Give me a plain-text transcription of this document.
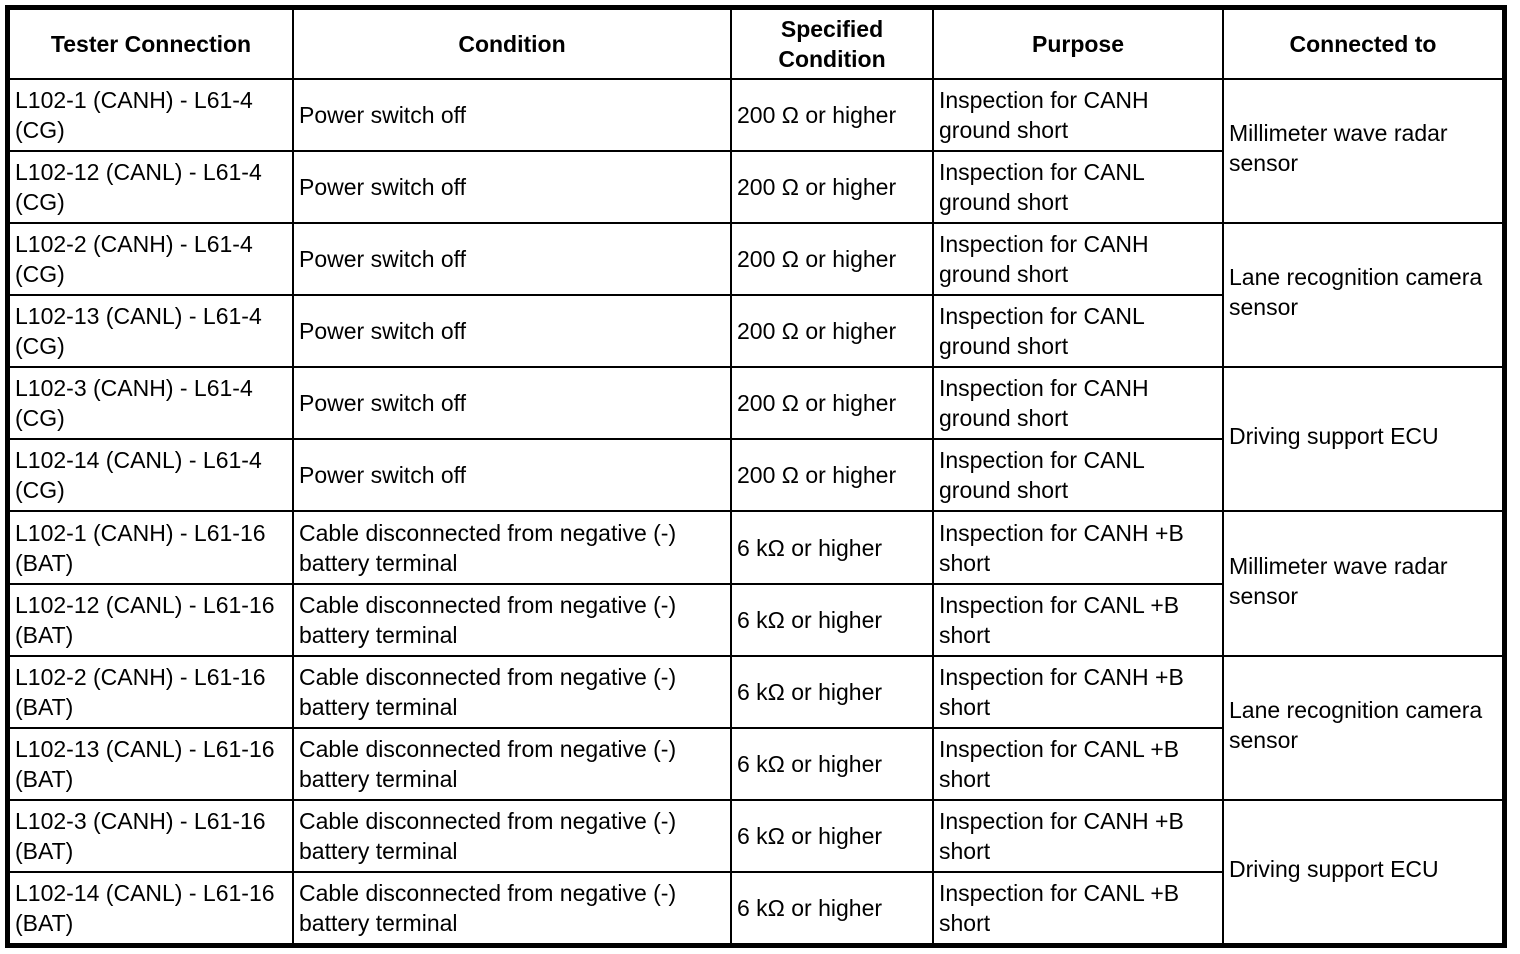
Tester Connection	Condition	Specified Condition	Purpose	Connected to
L102-1 (CANH) - L61-4 (CG)	Power switch off	200 Ω or higher	Inspection for CANH ground short	Millimeter wave radar sensor
L102-12 (CANL) - L61-4 (CG)	Power switch off	200 Ω or higher	Inspection for CANL ground short	
L102-2 (CANH) - L61-4 (CG)	Power switch off	200 Ω or higher	Inspection for CANH ground short	Lane recognition camera sensor
L102-13 (CANL) - L61-4 (CG)	Power switch off	200 Ω or higher	Inspection for CANL ground short	
L102-3 (CANH) - L61-4 (CG)	Power switch off	200 Ω or higher	Inspection for CANH ground short	Driving support ECU
L102-14 (CANL) - L61-4 (CG)	Power switch off	200 Ω or higher	Inspection for CANL ground short	
L102-1 (CANH) - L61-16 (BAT)	Cable disconnected from negative (-) battery terminal	6 kΩ or higher	Inspection for CANH +B short	Millimeter wave radar sensor
L102-12 (CANL) - L61-16 (BAT)	Cable disconnected from negative (-) battery terminal	6 kΩ or higher	Inspection for CANL +B short	
L102-2 (CANH) - L61-16 (BAT)	Cable disconnected from negative (-) battery terminal	6 kΩ or higher	Inspection for CANH +B short	Lane recognition camera sensor
L102-13 (CANL) - L61-16 (BAT)	Cable disconnected from negative (-) battery terminal	6 kΩ or higher	Inspection for CANL +B short	
L102-3 (CANH) - L61-16 (BAT)	Cable disconnected from negative (-) battery terminal	6 kΩ or higher	Inspection for CANH +B short	Driving support ECU
L102-14 (CANL) - L61-16 (BAT)	Cable disconnected from negative (-) battery terminal	6 kΩ or higher	Inspection for CANL +B short	
